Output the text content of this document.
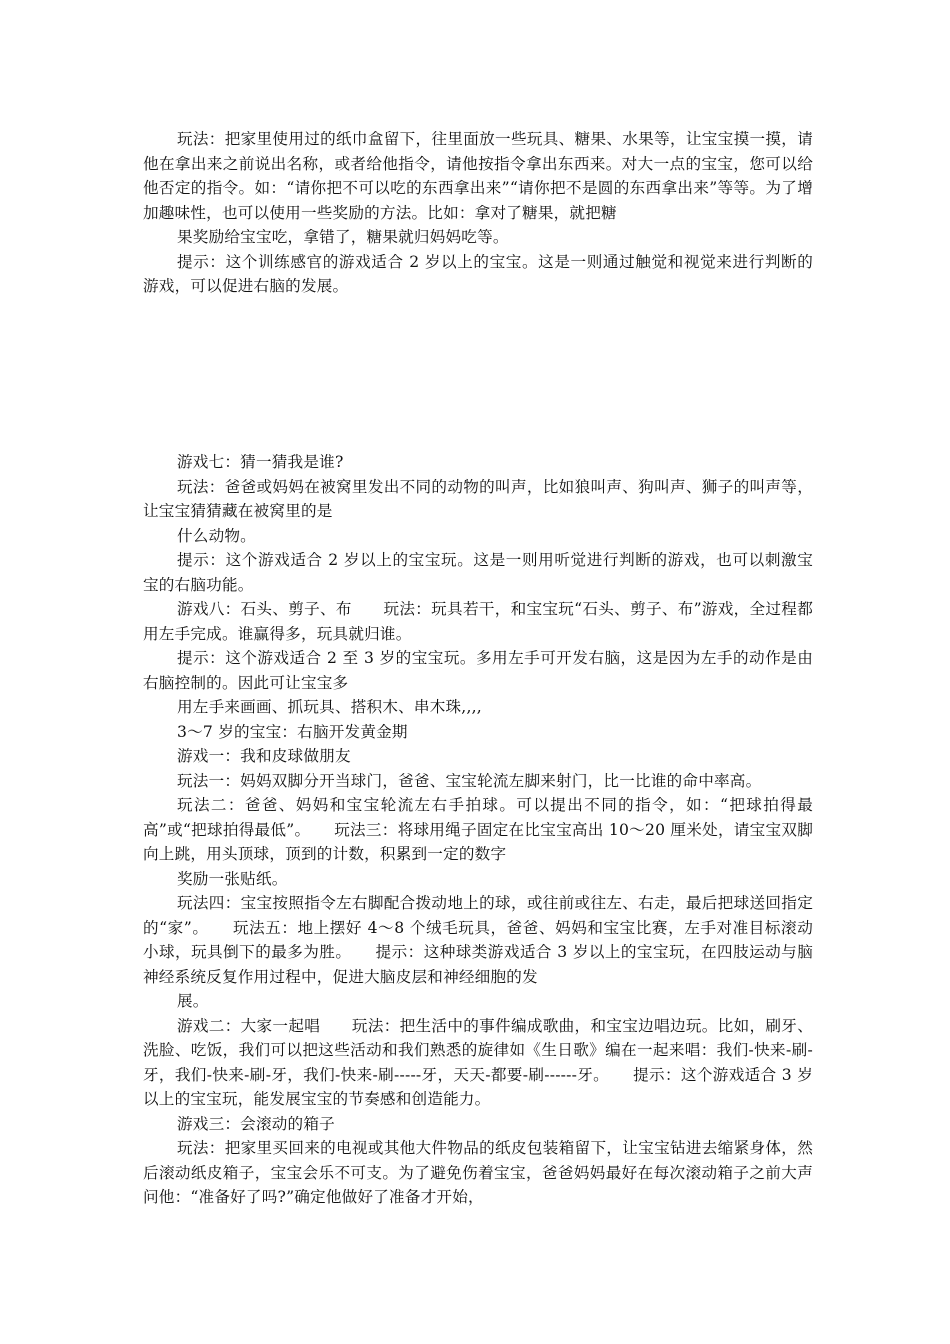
玩法：把家里使用过的纸巾盒留下，往里面放一些玩具、糖果、水果等，让宝宝摸一摸，请他在拿出来之前说出名称，或者给他指令，请他按指令拿出东西来。对大一点的宝宝，您可以给他否定的指令。如：“请你把不可以吃的东西拿出来”“请你把不是圆的东西拿出来”等等。为了增加趣味性，也可以使用一些奖励的方法。比如：拿对了糖果，就把糖

果奖励给宝宝吃，拿错了，糖果就归妈妈吃等。

提示：这个训练感官的游戏适合 2 岁以上的宝宝。这是一则通过触觉和视觉来进行判断的游戏，可以促进右脑的发展。

游戏七：猜一猜我是谁?

玩法：爸爸或妈妈在被窝里发出不同的动物的叫声，比如狼叫声、狗叫声、狮子的叫声等，让宝宝猜猜藏在被窝里的是

什么动物。

提示：这个游戏适合 2 岁以上的宝宝玩。这是一则用听觉进行判断的游戏，也可以刺激宝宝的右脑功能。

游戏八：石头、剪子、布　　玩法：玩具若干，和宝宝玩“石头、剪子、布”游戏，全过程都用左手完成。谁赢得多，玩具就归谁。

提示：这个游戏适合 2 至 3 岁的宝宝玩。多用左手可开发右脑，这是因为左手的动作是由右脑控制的。因此可让宝宝多

用左手来画画、抓玩具、搭积木、串木珠,,,,

3～7 岁的宝宝：右脑开发黄金期

游戏一：我和皮球做朋友

玩法一：妈妈双脚分开当球门，爸爸、宝宝轮流左脚来射门，比一比谁的命中率高。

玩法二：爸爸、妈妈和宝宝轮流左右手拍球。可以提出不同的指令，如：“把球拍得最高”或“把球拍得最低”。　　玩法三：将球用绳子固定在比宝宝高出 10～20 厘米处，请宝宝双脚向上跳，用头顶球，顶到的计数，积累到一定的数字

奖励一张贴纸。

玩法四：宝宝按照指令左右脚配合拨动地上的球，或往前或往左、右走，最后把球送回指定的“家”。　　玩法五：地上摆好 4～8 个绒毛玩具，爸爸、妈妈和宝宝比赛，左手对准目标滚动小球，玩具倒下的最多为胜。　　提示：这种球类游戏适合 3 岁以上的宝宝玩，在四肢运动与脑神经系统反复作用过程中，促进大脑皮层和神经细胞的发

展。

游戏二：大家一起唱　　玩法：把生活中的事件编成歌曲，和宝宝边唱边玩。比如，刷牙、洗脸、吃饭，我们可以把这些活动和我们熟悉的旋律如《生日歌》编在一起来唱：我们-快来-刷-牙，我们-快来-刷-牙，我们-快来-刷-----牙，天天-都要-刷------牙。　　提示：这个游戏适合 3 岁以上的宝宝玩，能发展宝宝的节奏感和创造能力。

游戏三：会滚动的箱子

玩法：把家里买回来的电视或其他大件物品的纸皮包装箱留下，让宝宝钻进去缩紧身体，然后滚动纸皮箱子，宝宝会乐不可支。为了避免伤着宝宝，爸爸妈妈最好在每次滚动箱子之前大声问他：“准备好了吗?”确定他做好了准备才开始，
